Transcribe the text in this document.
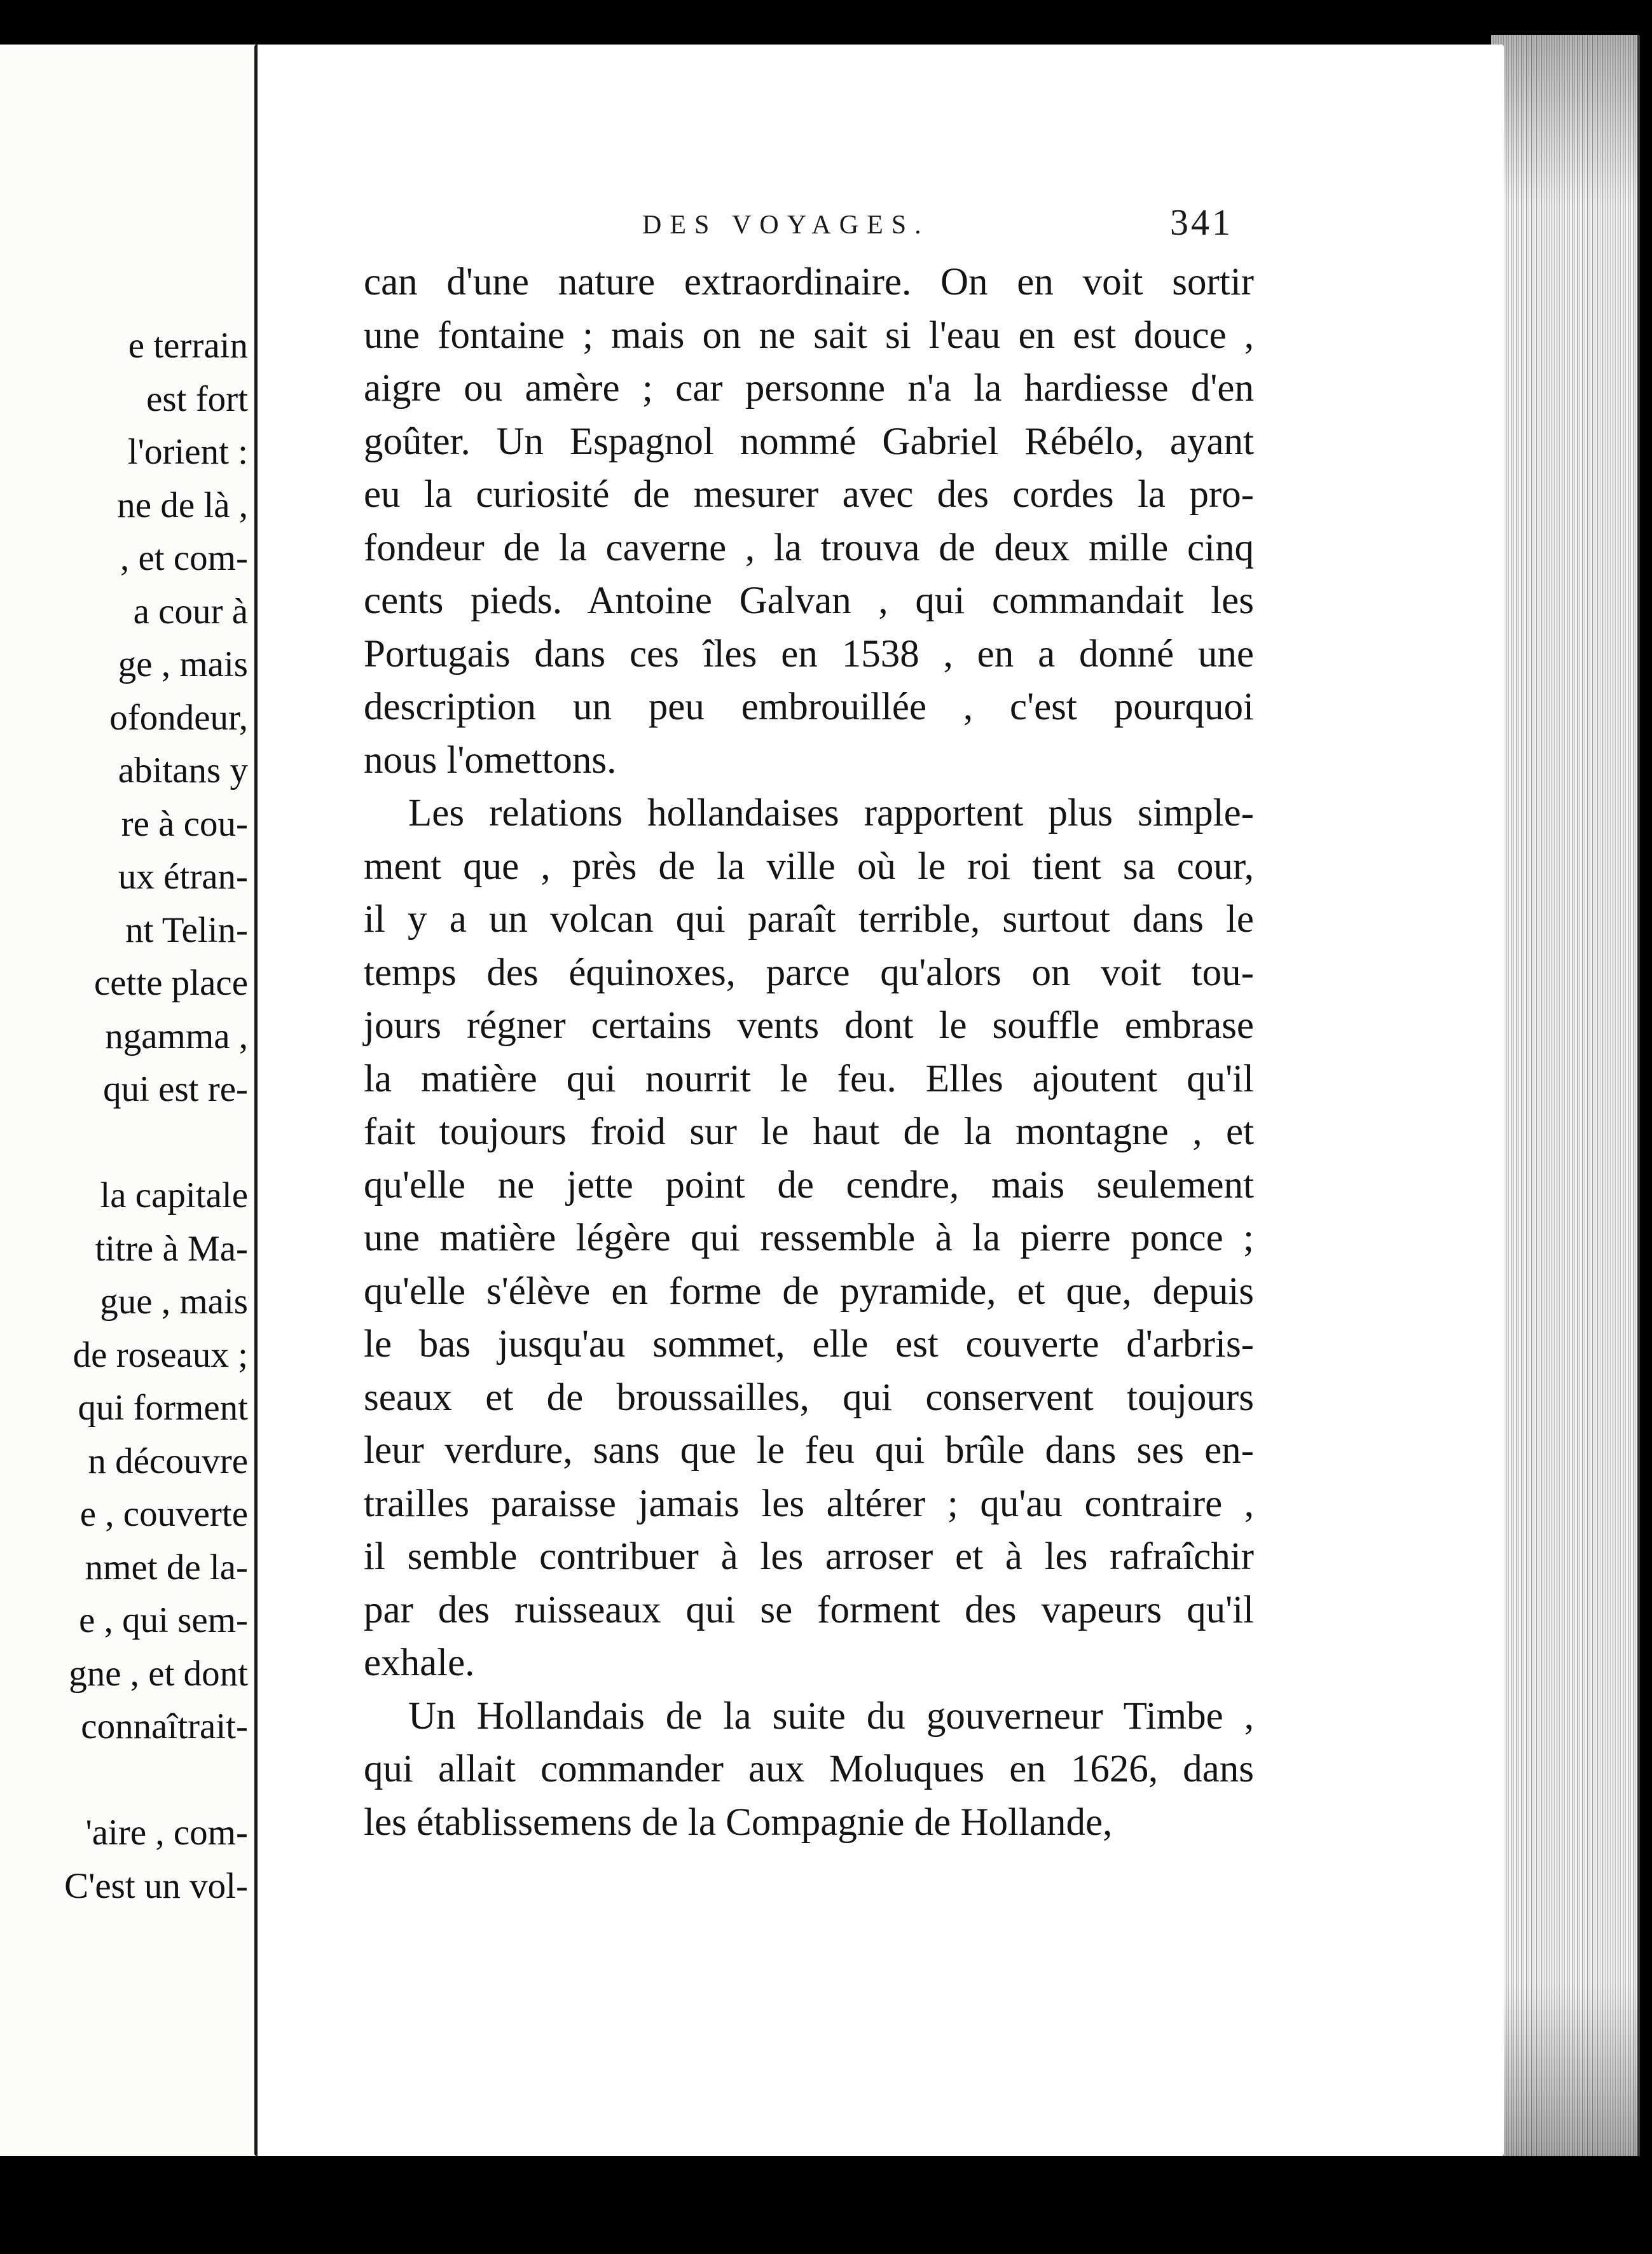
e terrain
est fort
l'orient :
ne de là ,
, et com-
a cour à
ge , mais
ofondeur,
abitans y
re à cou-
ux étran-
nt Telin-
cette place
ngamma ,
qui est re-
la capitale
titre à Ma-
gue , mais
de roseaux ;
qui forment
n découvre
e , couverte
nmet de la-
e , qui sem-
gne , et dont
connaîtrait-
'aire , com-
C'est un vol-
DES VOYAGES.	341

can d'une nature extraordinaire. On en voit sortir
une fontaine ; mais on ne sait si l'eau en est douce ,
aigre ou amère ; car personne n'a la hardiesse d'en
goûter. Un Espagnol nommé Gabriel Rébélo, ayant
eu la curiosité de mesurer avec des cordes la pro-
fondeur de la caverne , la trouva de deux mille cinq
cents pieds. Antoine Galvan , qui commandait les
Portugais dans ces îles en 1538 , en a donné une
description un peu embrouillée , c'est pourquoi
nous l'omettons.

Les relations hollandaises rapportent plus simple-
ment que , près de la ville où le roi tient sa cour,
il y a un volcan qui paraît terrible, surtout dans le
temps des équinoxes, parce qu'alors on voit tou-
jours régner certains vents dont le souffle embrase
la matière qui nourrit le feu. Elles ajoutent qu'il
fait toujours froid sur le haut de la montagne , et
qu'elle ne jette point de cendre, mais seulement
une matière légère qui ressemble à la pierre ponce ;
qu'elle s'élève en forme de pyramide, et que, depuis
le bas jusqu'au sommet, elle est couverte d'arbris-
seaux et de broussailles, qui conservent toujours
leur verdure, sans que le feu qui brûle dans ses en-
trailles paraisse jamais les altérer ; qu'au contraire ,
il semble contribuer à les arroser et à les rafraîchir
par des ruisseaux qui se forment des vapeurs qu'il
exhale.

Un Hollandais de la suite du gouverneur Timbe ,
qui allait commander aux Moluques en 1626, dans
les établissemens de la Compagnie de Hollande,
